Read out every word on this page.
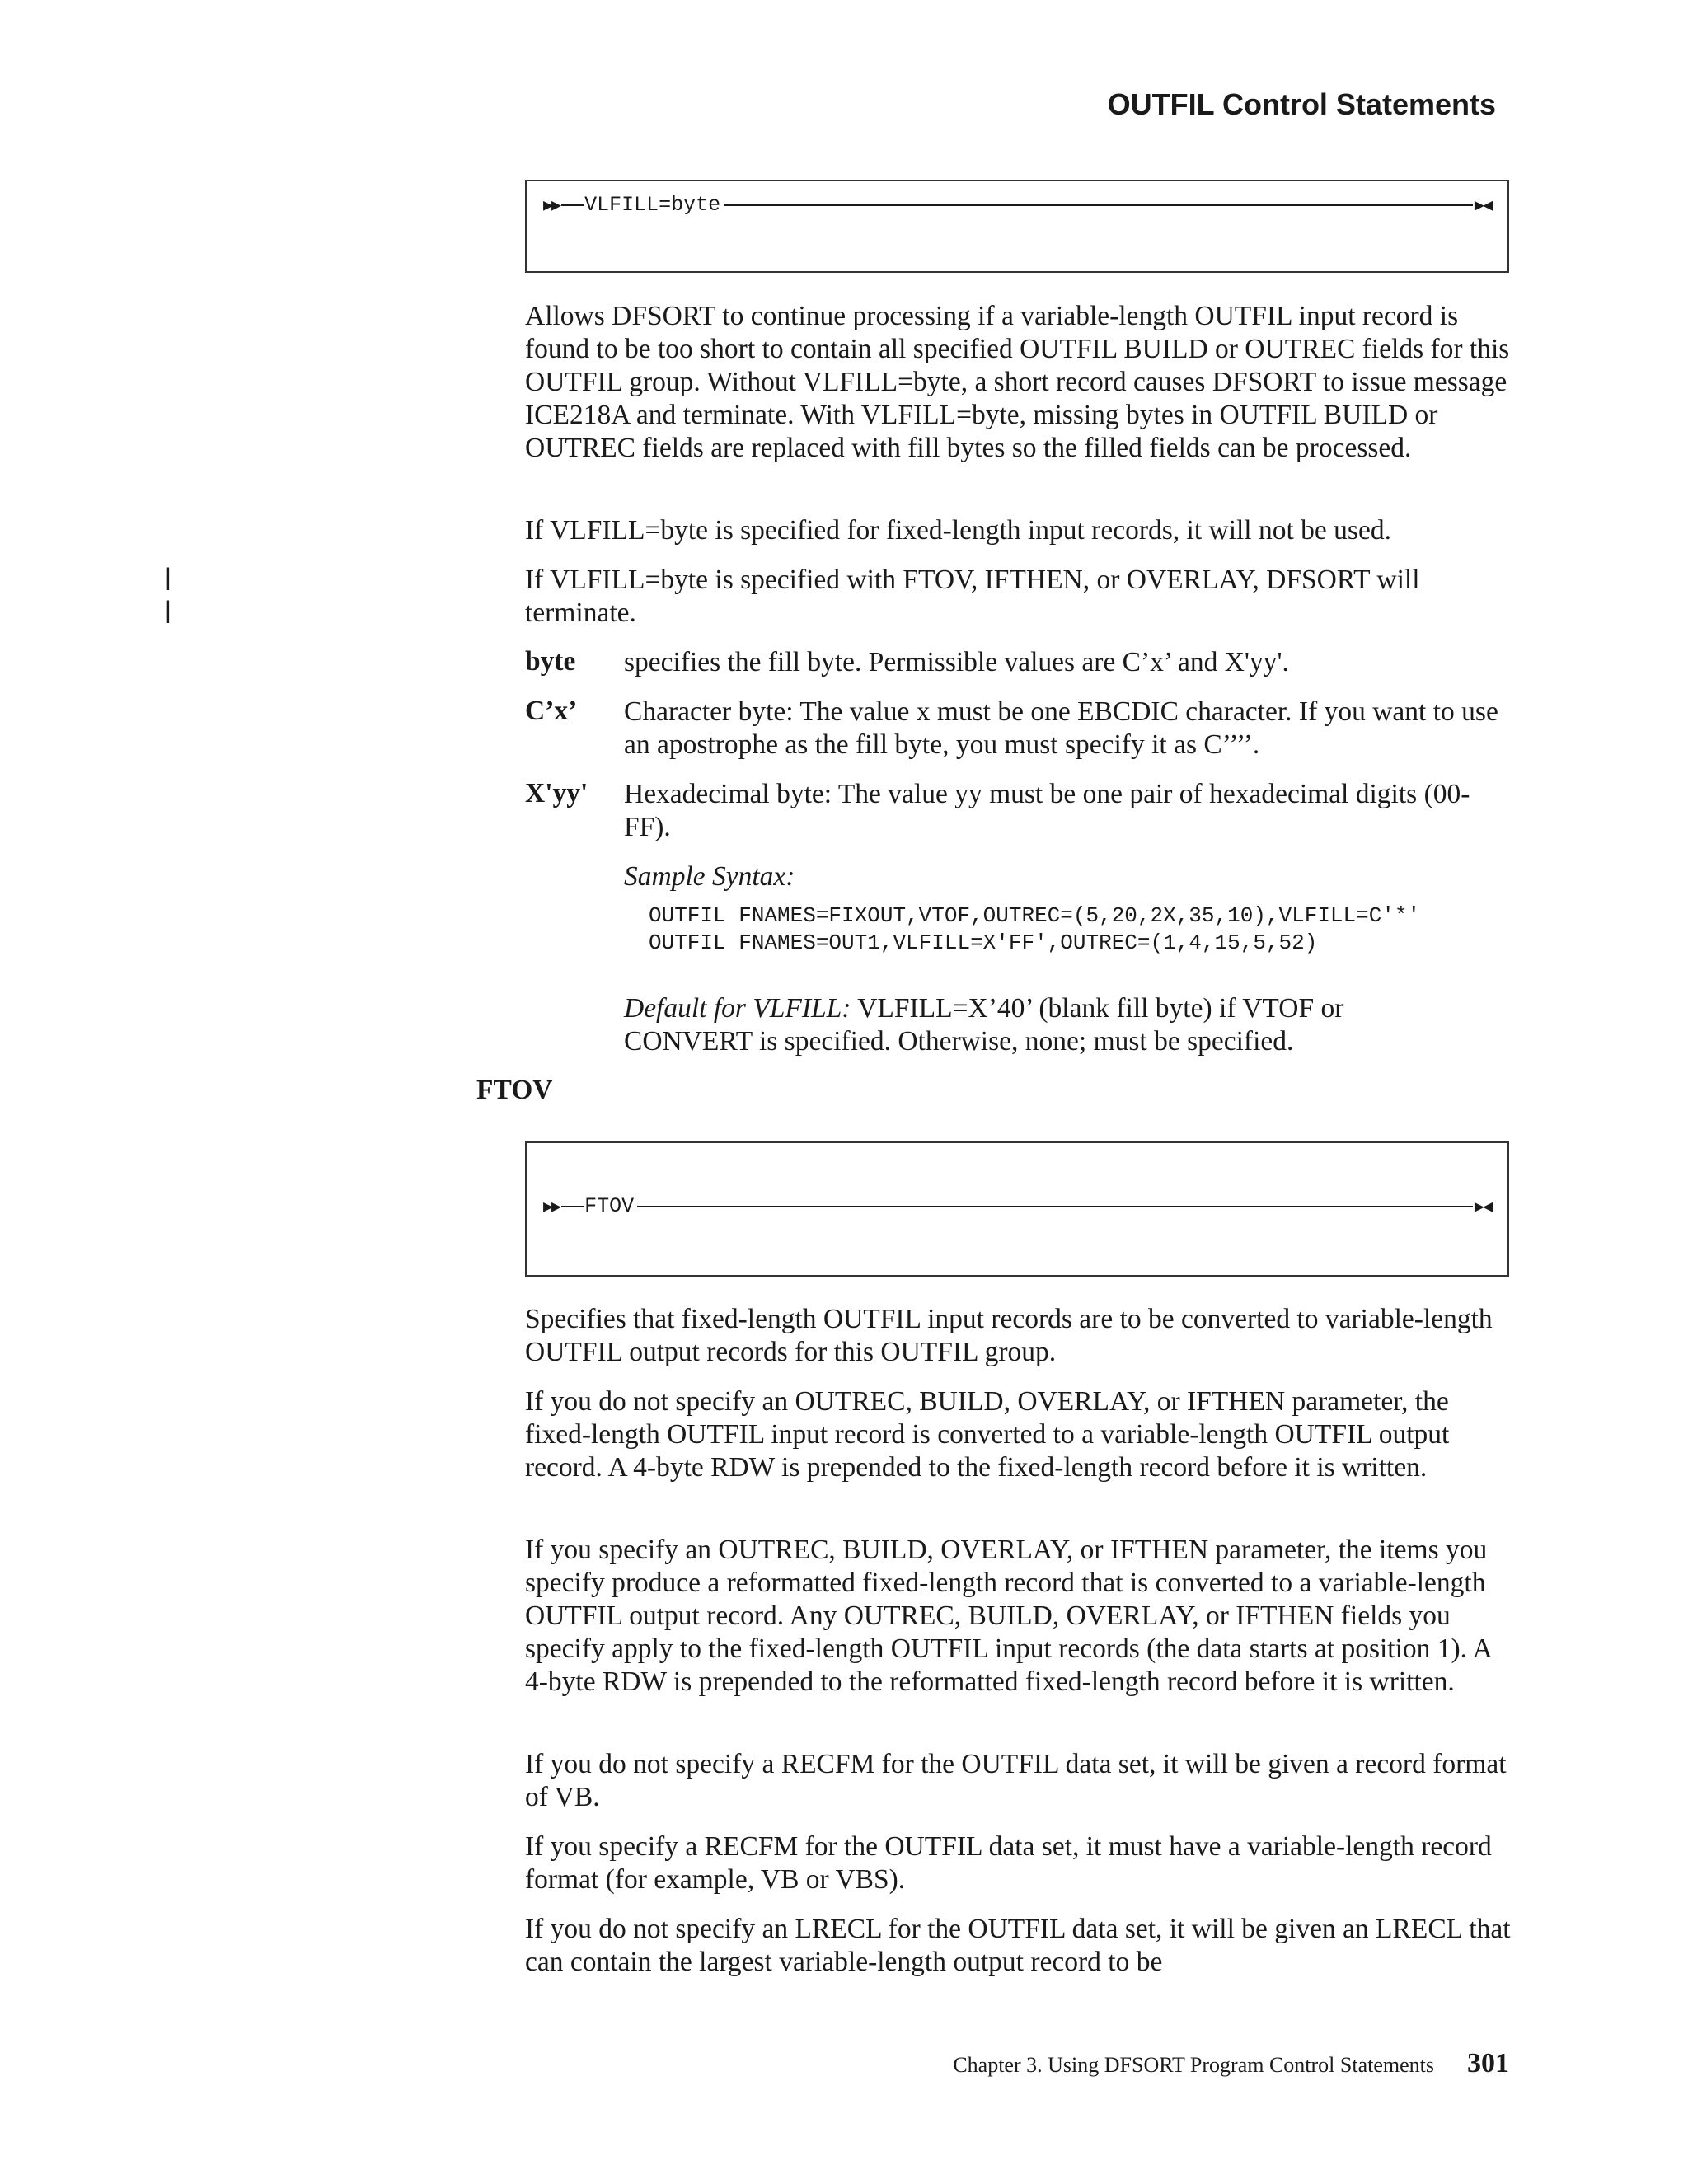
OUTFIL Control Statements
▶▶ VLFILL=byte	▶◀

Allows DFSORT to continue processing if a variable-length OUTFIL input record is found to be too short to contain all specified OUTFIL BUILD or OUTREC fields for this OUTFIL group. Without VLFILL=byte, a short record causes DFSORT to issue message ICE218A and terminate. With VLFILL=byte, missing bytes in OUTFIL BUILD or OUTREC fields are replaced with fill bytes so the filled fields can be processed.

If VLFILL=byte is specified for fixed-length input records, it will not be used.

If VLFILL=byte is specified with FTOV, IFTHEN, or OVERLAY, DFSORT will terminate.

|
|
byte specifies the fill byte. Permissible values are C’x’ and X'yy'.

C’x’ Character byte: The value x must be one EBCDIC character. If you want to use an apostrophe as the fill byte, you must specify it as C’’’’.

X'yy' Hexadecimal byte: The value yy must be one pair of hexadecimal digits (00-FF).

Sample Syntax:

OUTFIL FNAMES=FIXOUT,VTOF,OUTREC=(5,20,2X,35,10),VLFILL=C'*'
OUTFIL FNAMES=OUT1,VLFILL=X'FF',OUTREC=(1,4,15,5,52)

Default for VLFILL: VLFILL=X’40’ (blank fill byte) if VTOF or

CONVERT is specified. Otherwise, none; must be specified.

FTOV
▶▶ FTOV	▶◀

Specifies that fixed-length OUTFIL input records are to be converted to variable-length OUTFIL output records for this OUTFIL group.

If you do not specify an OUTREC, BUILD, OVERLAY, or IFTHEN parameter, the fixed-length OUTFIL input record is converted to a variable-length OUTFIL output record. A 4-byte RDW is prepended to the fixed-length record before it is written.

If you specify an OUTREC, BUILD, OVERLAY, or IFTHEN parameter, the items you specify produce a reformatted fixed-length record that is converted to a variable-length OUTFIL output record. Any OUTREC, BUILD, OVERLAY, or IFTHEN fields you specify apply to the fixed-length OUTFIL input records (the data starts at position 1). A 4-byte RDW is prepended to the reformatted fixed-length record before it is written.

If you do not specify a RECFM for the OUTFIL data set, it will be given a record format of VB.

If you specify a RECFM for the OUTFIL data set, it must have a variable-length record format (for example, VB or VBS).

If you do not specify an LRECL for the OUTFIL data set, it will be given an LRECL that can contain the largest variable-length output record to be

Chapter 3. Using DFSORT Program Control Statements 301
